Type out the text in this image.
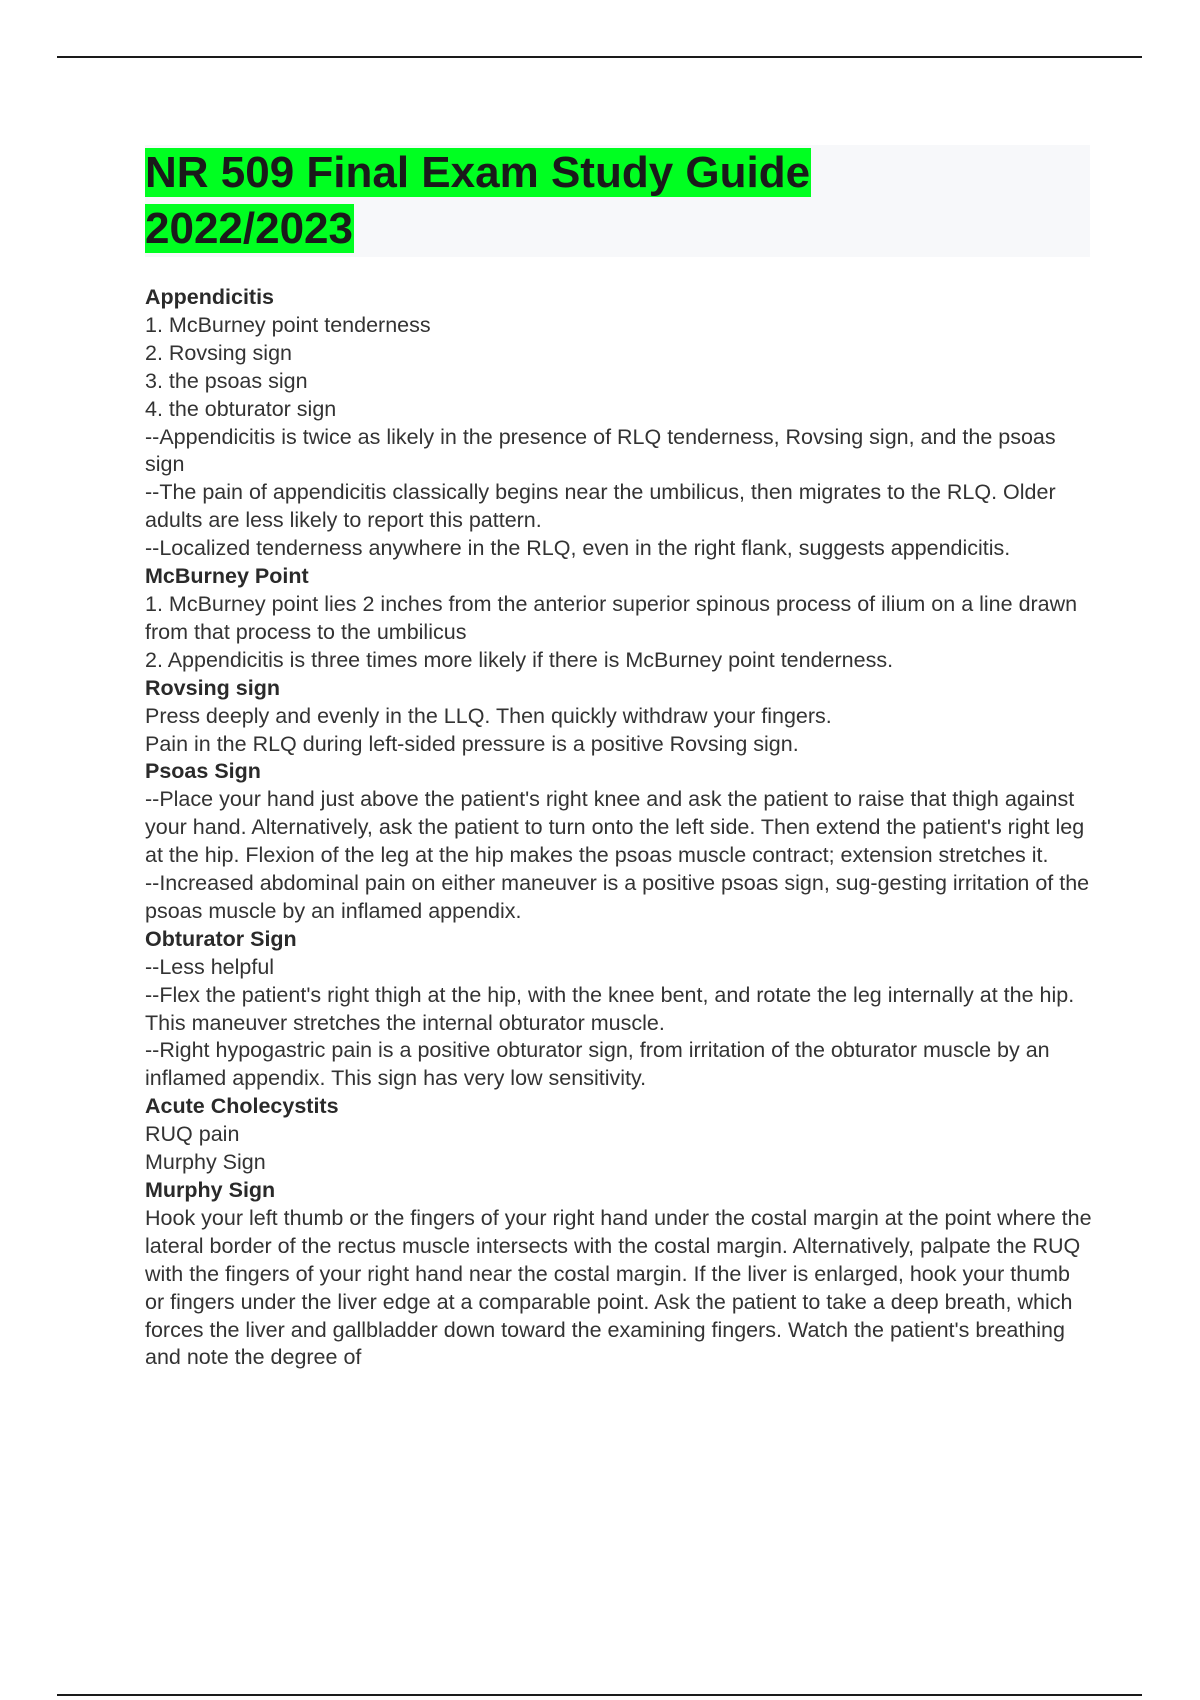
NR 509 Final Exam Study Guide
2022/2023

Appendicitis

1. McBurney point tenderness

2. Rovsing sign

3. the psoas sign

4. the obturator sign

--Appendicitis is twice as likely in the presence of RLQ tenderness, Rovsing sign, and the psoas sign

--The pain of appendicitis classically begins near the umbilicus, then migrates to the RLQ. Older adults are less likely to report this pattern.

--Localized tenderness anywhere in the RLQ, even in the right flank, suggests appendicitis.

McBurney Point

1. McBurney point lies 2 inches from the anterior superior spinous process of ilium on a line drawn from that process to the umbilicus

2. Appendicitis is three times more likely if there is McBurney point tenderness.

Rovsing sign

Press deeply and evenly in the LLQ. Then quickly withdraw your fingers.

Pain in the RLQ during left-sided pressure is a positive Rovsing sign.

Psoas Sign

--Place your hand just above the patient's right knee and ask the patient to raise that thigh against your hand. Alternatively, ask the patient to turn onto the left side. Then extend the patient's right leg at the hip. Flexion of the leg at the hip makes the psoas muscle contract; extension stretches it.

--Increased abdominal pain on either maneuver is a positive psoas sign, sug-gesting irritation of the psoas muscle by an inflamed appendix.

Obturator Sign

--Less helpful

--Flex the patient's right thigh at the hip, with the knee bent, and rotate the leg internally at the hip. This maneuver stretches the internal obturator muscle.

--Right hypogastric pain is a positive obturator sign, from irritation of the obturator muscle by an inflamed appendix. This sign has very low sensitivity.

Acute Cholecystits

RUQ pain

Murphy Sign

Murphy Sign

Hook your left thumb or the fingers of your right hand under the costal margin at the point where the lateral border of the rectus muscle intersects with the costal margin. Alternatively, palpate the RUQ with the fingers of your right hand near the costal margin. If the liver is enlarged, hook your thumb or fingers under the liver edge at a comparable point. Ask the patient to take a deep breath, which forces the liver and gallbladder down toward the examining fingers. Watch the patient's breathing and note the degree of
